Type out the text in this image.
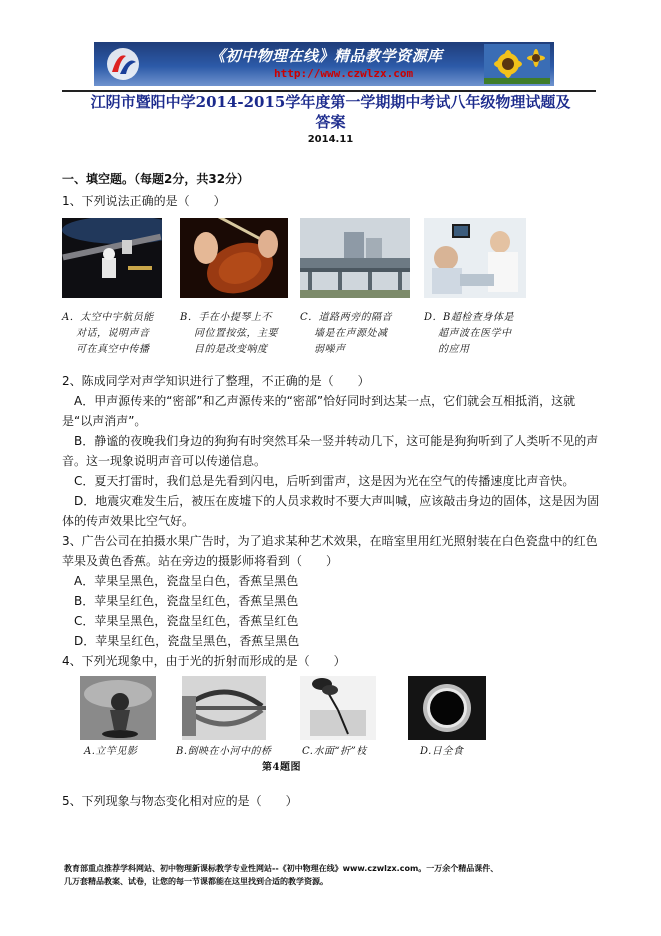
《初中物理在线》精品教学资源库
http://www.czwlzx.com
江阴市暨阳中学2014-2015学年度第一学期期中考试八年级物理试题及
答案
2014.11
一、填空题。（每题2分，共32分）
1、下列说法正确的是（　　）
A．太空中宇航员能
对话，说明声音
可在真空中传播
B．手在小提琴上不
同位置按弦，主要
目的是改变响度
C．道路两旁的隔音
墙是在声源处减
弱噪声
D．B超检查身体是
超声波在医学中
的应用
2、陈成同学对声学知识进行了整理，不正确的是（　　）
A．甲声源传来的“密部”和乙声源传来的“密部”恰好同时到达某一点，它们就会互相抵消，这就
是“以声消声”。
B．静谧的夜晚我们身边的狗狗有时突然耳朵一竖并转动几下，这可能是狗狗听到了人类听不见的声
音。这一现象说明声音可以传递信息。
C．夏天打雷时，我们总是先看到闪电，后听到雷声，这是因为光在空气的传播速度比声音快。
D．地震灾难发生后，被压在废墟下的人员求救时不要大声叫喊，应该敲击身边的固体，这是因为固
体的传声效果比空气好。
3、广告公司在拍摄水果广告时，为了追求某种艺术效果，在暗室里用红光照射装在白色瓷盘中的红色
苹果及黄色香蕉。站在旁边的摄影师将看到（　　）
A．苹果呈黑色，瓷盘呈白色，香蕉呈黑色
B．苹果呈红色，瓷盘呈红色，香蕉呈黑色
C．苹果呈黑色，瓷盘呈红色，香蕉呈红色
D．苹果呈红色，瓷盘呈黑色，香蕉呈黑色
4、下列光现象中，由于光的折射而形成的是（　　）
A.立竿见影	B.倒映在小河中的桥	C.水面“折”枝	D.日全食
第4题图
5、下列现象与物态变化相对应的是（　　）
教育部重点推荐学科网站、初中物理新课标教学专业性网站--《初中物理在线》www.czwlzx.com。一万余个精品课件、
几万套精品教案、试卷，让您的每一节课都能在这里找到合适的教学资源。
